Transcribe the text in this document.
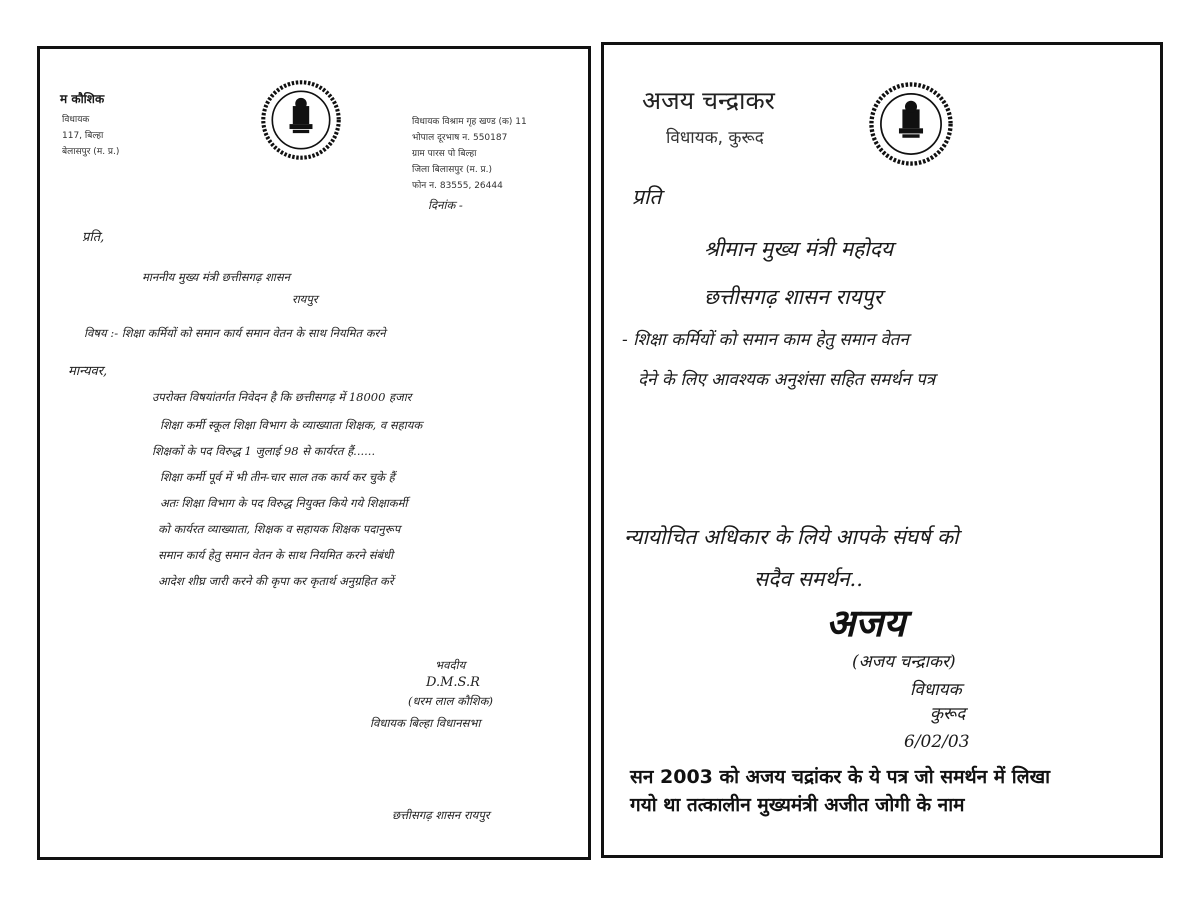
म कौशिक
विधायक
117, बिल्हा
बेलासपुर (म. प्र.)
विधायक विश्राम गृह खण्ड (क) 11
भोपाल दूरभाष न. 550187
ग्राम पारस पो बिल्हा
जिला बिलासपुर (म. प्र.)
फोन न. 83555, 26444
दिनांक -
प्रति,
माननीय मुख्य मंत्री छत्तीसगढ़ शासन
रायपुर
विषय :- शिक्षा कर्मियों को समान कार्य समान वेतन के साथ नियमित करने
मान्यवर,
उपरोक्त विषयांतर्गत निवेदन है कि छत्तीसगढ़ में 18000 हजार
शिक्षा कर्मी स्कूल शिक्षा विभाग के व्याख्याता शिक्षक, व सहायक
शिक्षकों के पद विरुद्ध 1 जुलाई 98 से कार्यरत हैं......
शिक्षा कर्मी पूर्व में भी तीन-चार साल तक कार्य कर चुके हैं
अतः शिक्षा विभाग के पद विरुद्ध नियुक्त किये गये शिक्षाकर्मी
को कार्यरत व्याख्याता, शिक्षक व सहायक शिक्षक पदानुरूप
समान कार्य हेतु समान वेतन के साथ नियमित करने संबंधी
आदेश शीघ्र जारी करने की कृपा कर कृतार्थ अनुग्रहित करें
भवदीय
D.M.S.R
(धरम लाल कौशिक)
विधायक बिल्हा विधानसभा
छत्तीसगढ़ शासन रायपुर
अजय चन्द्राकर
विधायक, कुरूद
प्रति
श्रीमान मुख्य मंत्री महोदय
छत्तीसगढ़ शासन रायपुर
- शिक्षा कर्मियों को समान काम हेतु समान वेतन
देने के लिए आवश्यक अनुशंसा सहित समर्थन पत्र
न्यायोचित अधिकार के लिये आपके संघर्ष को
सदैव समर्थन..
अजय
(अजय चन्द्राकर)
विधायक
कुरूद
6/02/03
सन 2003 को अजय चद्रांकर के ये पत्र जो समर्थन में लिखा
गयो था तत्कालीन मुख्यमंत्री अजीत जोगी के नाम
